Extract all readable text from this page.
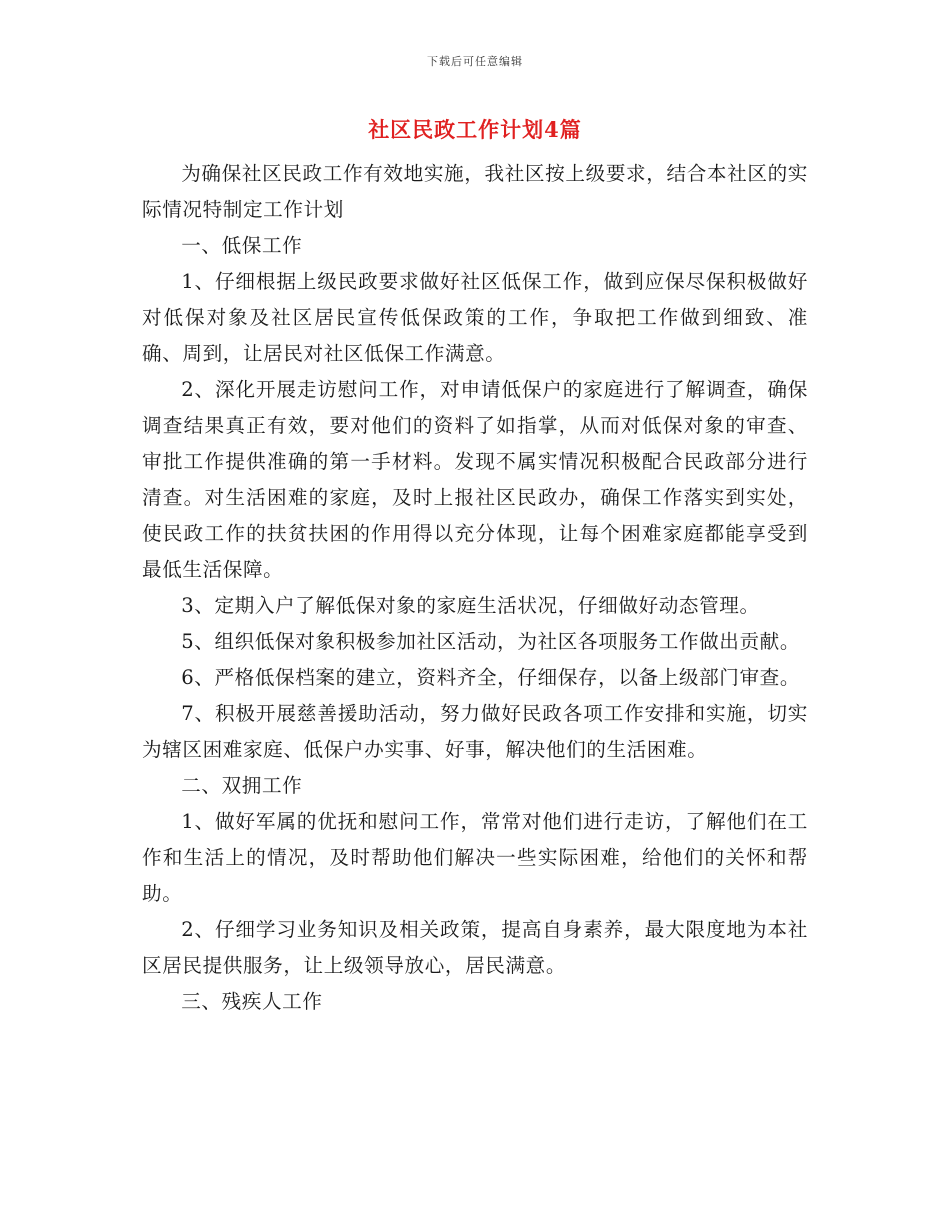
下载后可任意编辑
社区民政工作计划4篇

为确保社区民政工作有效地实施，我社区按上级要求，结合本社区的实际情况特制定工作计划

一、低保工作

1、仔细根据上级民政要求做好社区低保工作，做到应保尽保积极做好对低保对象及社区居民宣传低保政策的工作，争取把工作做到细致、准确、周到，让居民对社区低保工作满意。

2、深化开展走访慰问工作，对申请低保户的家庭进行了解调查，确保调查结果真正有效，要对他们的资料了如指掌，从而对低保对象的审查、审批工作提供准确的第一手材料。发现不属实情况积极配合民政部分进行清查。对生活困难的家庭，及时上报社区民政办，确保工作落实到实处，使民政工作的扶贫扶困的作用得以充分体现，让每个困难家庭都能享受到最低生活保障。

3、定期入户了解低保对象的家庭生活状况，仔细做好动态管理。

5、组织低保对象积极参加社区活动，为社区各项服务工作做出贡献。

6、严格低保档案的建立，资料齐全，仔细保存，以备上级部门审查。

7、积极开展慈善援助活动，努力做好民政各项工作安排和实施，切实为辖区困难家庭、低保户办实事、好事，解决他们的生活困难。

二、双拥工作

1、做好军属的优抚和慰问工作，常常对他们进行走访，了解他们在工作和生活上的情况，及时帮助他们解决一些实际困难，给他们的关怀和帮助。

2、仔细学习业务知识及相关政策，提高自身素养，最大限度地为本社区居民提供服务，让上级领导放心，居民满意。

三、残疾人工作
